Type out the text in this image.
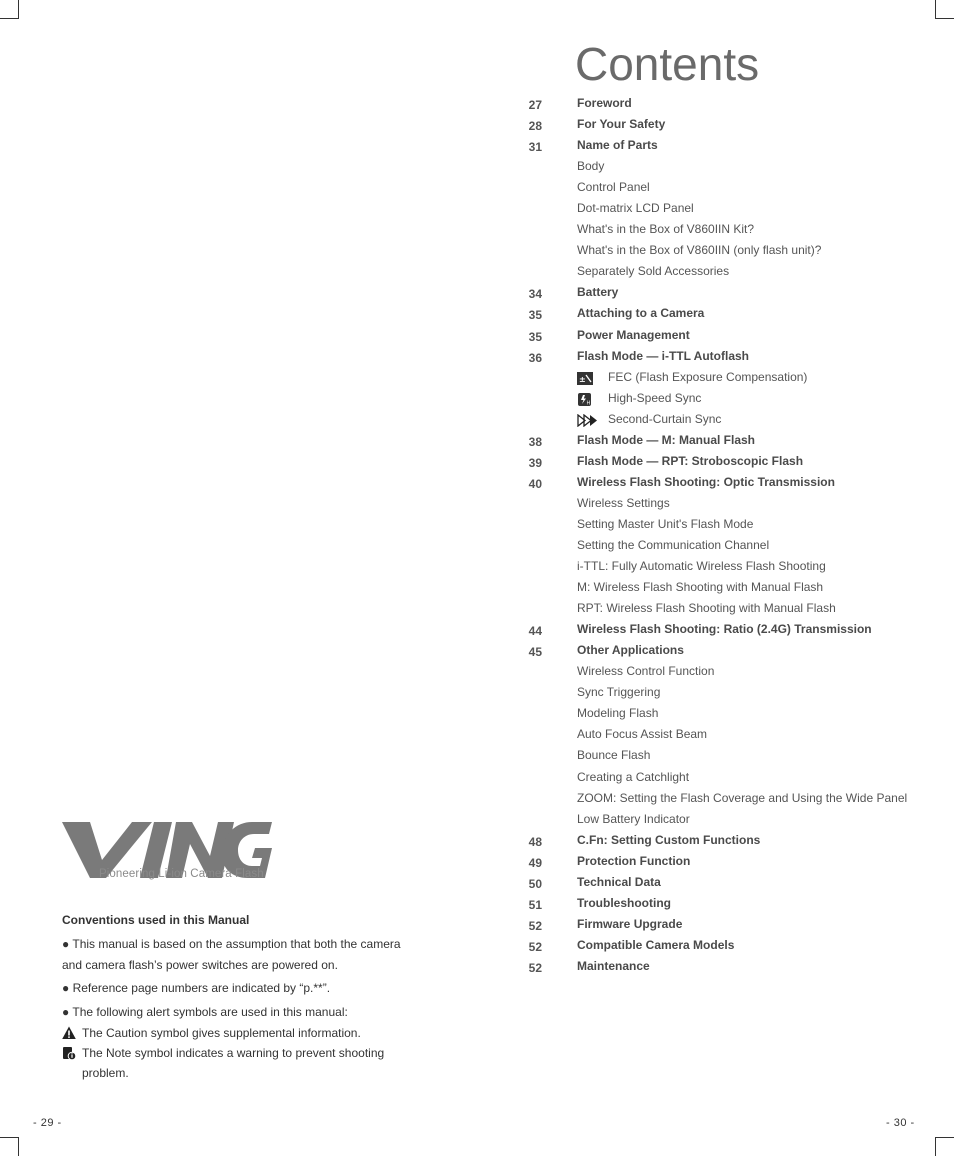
Pioneering Li-ion Camera Flash
Conventions used in this Manual

● This manual is based on the assumption that both the camera and camera flash’s power switches are powered on.

● Reference page numbers are indicated by “p.**”.

● The following alert symbols are used in this manual:

The Caution symbol gives supplemental information.
The Note symbol indicates a warning to prevent shooting problem.
- 29 -	- 30 -
Contents
27	Foreword
28	For Your Safety
31	Name of Parts
Body
Control Panel
Dot-matrix LCD Panel
What's in the Box of V860IIN Kit?
What's in the Box of V860IIN (only flash unit)?
Separately Sold Accessories
34	Battery
35	Attaching to a Camera
35	Power Management
36	Flash Mode — i-TTL Autoflash
± FEC (Flash Exposure Compensation)
H High-Speed Sync
Second-Curtain Sync
38	Flash Mode — M: Manual Flash
39	Flash Mode — RPT: Stroboscopic Flash
40	Wireless Flash Shooting: Optic Transmission
Wireless Settings
Setting Master Unit's Flash Mode
Setting the Communication Channel
i-TTL: Fully Automatic Wireless Flash Shooting
M: Wireless Flash Shooting with Manual Flash
RPT: Wireless Flash Shooting with Manual Flash
44	Wireless Flash Shooting: Ratio (2.4G) Transmission
45	Other Applications
Wireless Control Function
Sync Triggering
Modeling Flash
Auto Focus Assist Beam
Bounce Flash
Creating a Catchlight
ZOOM: Setting the Flash Coverage and Using the Wide Panel
Low Battery Indicator
48	C.Fn: Setting Custom Functions
49	Protection Function
50	Technical Data
51	Troubleshooting
52	Firmware Upgrade
52	Compatible Camera Models
52	Maintenance
